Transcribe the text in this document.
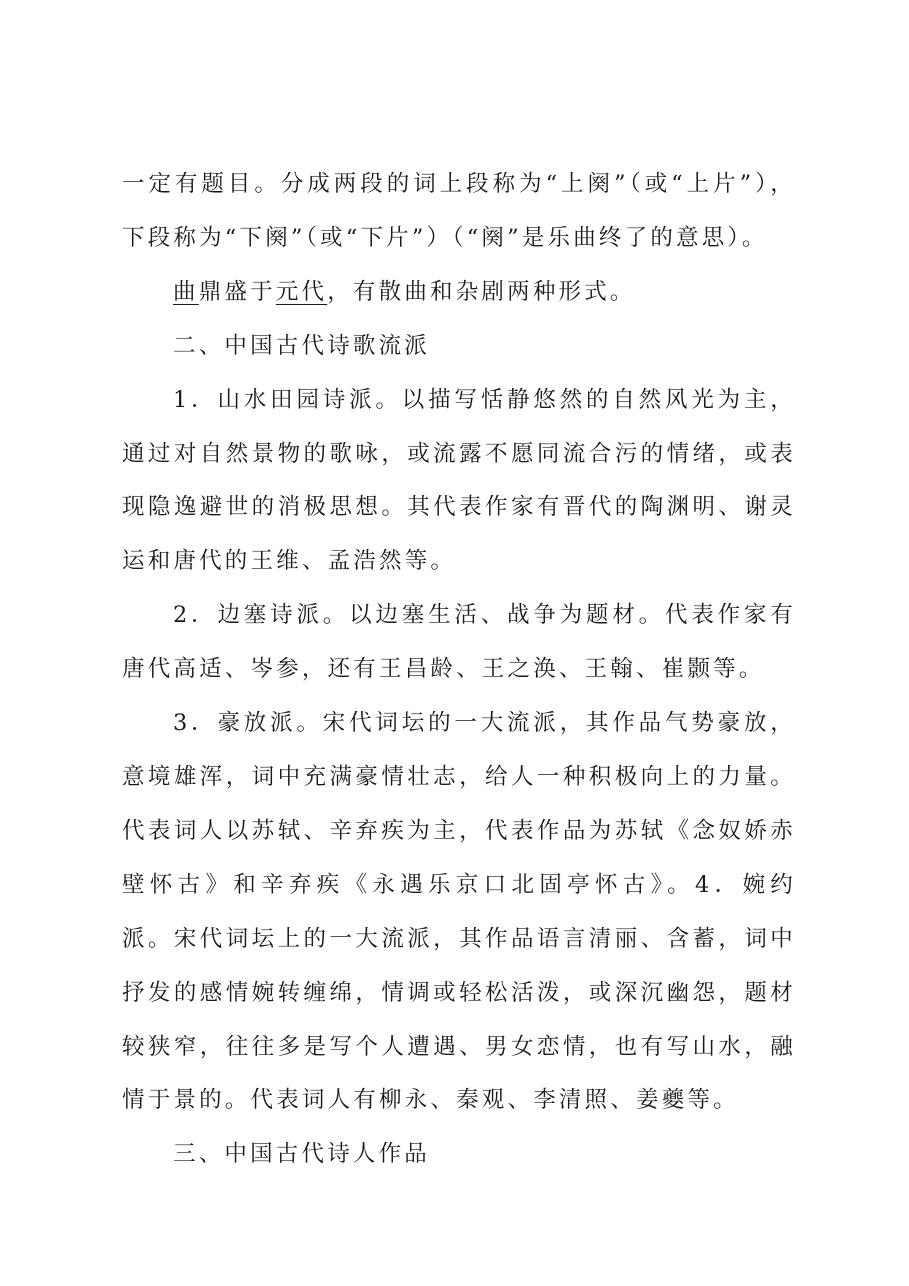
一定有题目。分成两段的词上段称为“上阕”（或“上片”），下段称为“下阕”（或“下片”）（“阕”是乐曲终了的意思）。

曲鼎盛于元代，有散曲和杂剧两种形式。

二、中国古代诗歌流派

1．山水田园诗派。以描写恬静悠然的自然风光为主，通过对自然景物的歌咏，或流露不愿同流合污的情绪，或表现隐逸避世的消极思想。其代表作家有晋代的陶渊明、谢灵运和唐代的王维、孟浩然等。

2．边塞诗派。以边塞生活、战争为题材。代表作家有唐代高适、岑参，还有王昌龄、王之涣、王翰、崔颢等。

3．豪放派。宋代词坛的一大流派，其作品气势豪放，意境雄浑，词中充满豪情壮志，给人一种积极向上的力量。代表词人以苏轼、辛弃疾为主，代表作品为苏轼《念奴娇赤壁怀古》和辛弃疾《永遇乐京口北固亭怀古》。4．婉约派。宋代词坛上的一大流派，其作品语言清丽、含蓄，词中抒发的感情婉转缠绵，情调或轻松活泼，或深沉幽怨，题材较狭窄，往往多是写个人遭遇、男女恋情，也有写山水，融情于景的。代表词人有柳永、秦观、李清照、姜夔等。

三、中国古代诗人作品
